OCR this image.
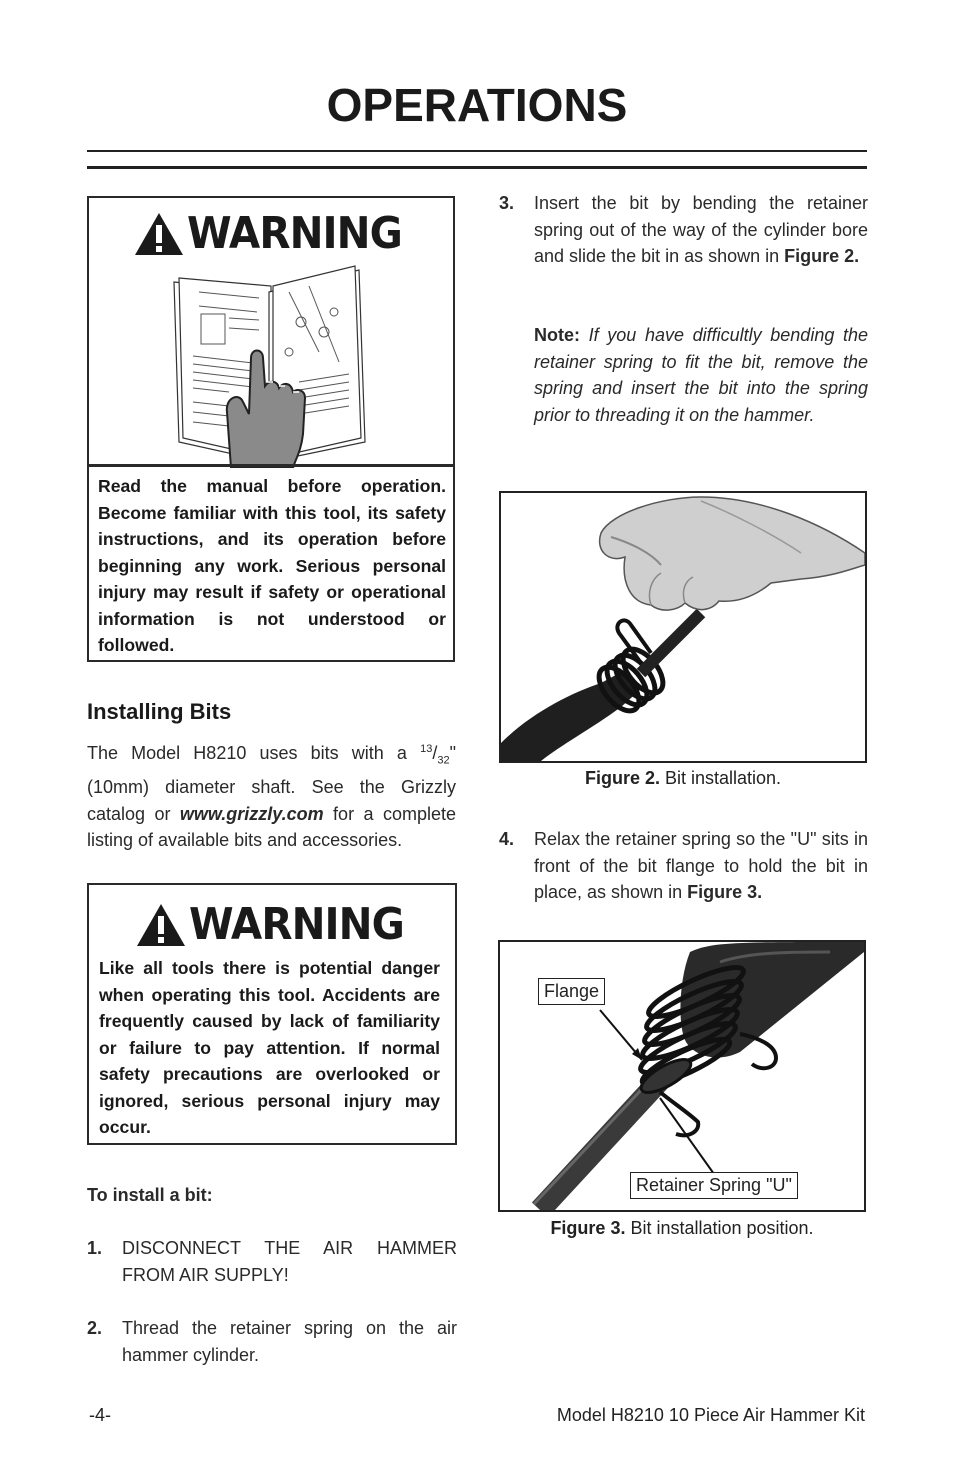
OPERATIONS
WARNING
Read the manual before operation. Become familiar with this tool, its safety instructions, and its operation before beginning any work. Serious personal injury may result if safety or operational information is not understood or followed.
Installing Bits
The Model H8210 uses bits with a $^{13}/_{32}$" (10mm) diameter shaft. See the Grizzly catalog or www.grizzly.com for a complete listing of available bits and accessories.
WARNING
Like all tools there is potential danger when operating this tool. Accidents are frequently caused by lack of familiarity or failure to pay attention. If normal safety precautions are overlooked or ignored, serious personal injury may occur.
To install a bit:
1.	DISCONNECT THE AIR HAMMER FROM AIR SUPPLY!
2.	Thread the retainer spring on the air hammer cylinder.
3.	Insert the bit by bending the retainer spring out of the way of the cylinder bore and slide the bit in as shown in Figure 2.
Note: If you have difficultly bending the retainer spring to fit the bit, remove the spring and insert the bit into the spring prior to threading it on the hammer.
Figure 2. Bit installation.
4.	Relax the retainer spring so the "U" sits in front of the bit flange to hold the bit in place, as shown in Figure 3.
Flange
Retainer Spring "U"
Figure 3. Bit installation position.
-4-	Model H8210 10 Piece Air Hammer Kit
